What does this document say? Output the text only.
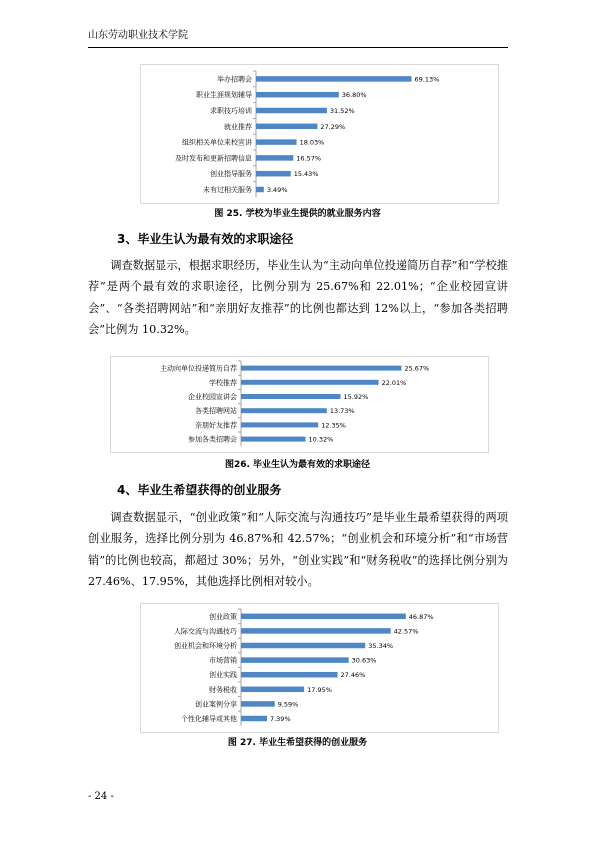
山东劳动职业技术学院
举办招聘会	69.13%
职业生涯规划辅导	36.80%
求职技巧培训	31.52%
就业推荐	27.29%
组织相关单位来校宣讲	18.03%
及时发布和更新招聘信息	16.57%
创业指导服务	15.43%
未有过相关服务 3.49%
图 25. 学校为毕业生提供的就业服务内容
3、毕业生认为最有效的求职途径

调查数据显示，根据求职经历，毕业生认为“主动向单位投递简历自荐”和“学校推荐”是两个最有效的求职途径，比例分别为 25.67%和 22.01%；“企业校园宣讲会”、“各类招聘网站”和“亲朋好友推荐”的比例也都达到 12%以上，“参加各类招聘会”比例为 10.32%。

主动向单位投递简历自荐	25.67%
学校推荐	22.01%
企业校园宣讲会	15.92%
各类招聘网站	13.73%
亲朋好友推荐	12.35%
参加各类招聘会	10.32%
图26. 毕业生认为最有效的求职途径
4、毕业生希望获得的创业服务

调查数据显示，“创业政策”和“人际交流与沟通技巧”是毕业生最希望获得的两项创业服务，选择比例分别为 46.87%和 42.57%；“创业机会和环境分析”和“市场营销”的比例也较高，都超过 30%；另外，“创业实践”和“财务税收”的选择比例分别为 27.46%、17.95%，其他选择比例相对较小。

创业政策	46.87%
人际交流与沟通技巧	42.57%
创业机会和环境分析	35.34%
市场营销	30.63%
创业实践	27.46%
财务税收	17.95%
创业案例分享	9.59%
个性化辅导或其他	7.39%
图 27. 毕业生希望获得的创业服务
- 24 -
